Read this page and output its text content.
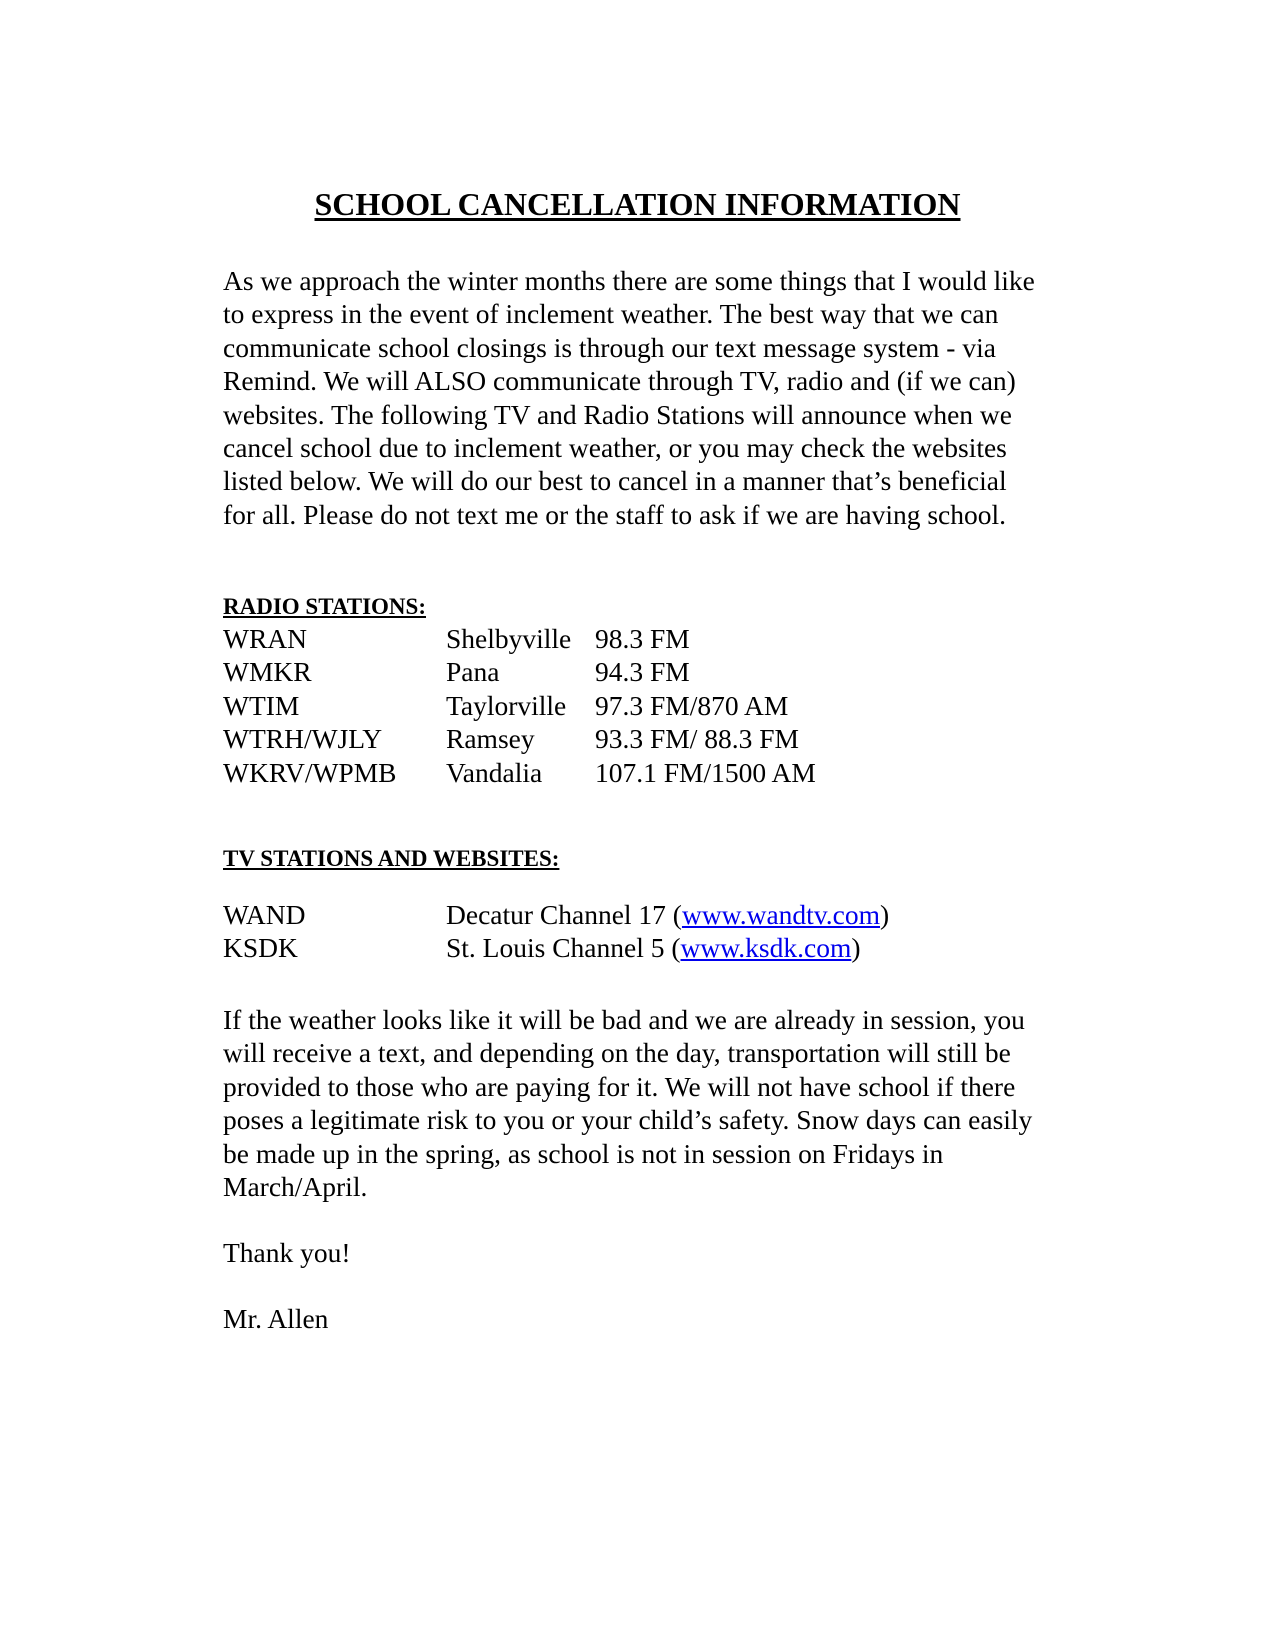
SCHOOL CANCELLATION INFORMATION

As we approach the winter months there are some things that I would like to express in the event of inclement weather. The best way that we can communicate school closings is through our text message system - via Remind. We will ALSO communicate through TV, radio and (if we can) websites. The following TV and Radio Stations will announce when we cancel school due to inclement weather, or you may check the websites listed below. We will do our best to cancel in a manner that’s beneficial for all. Please do not text me or the staff to ask if we are having school.

RADIO STATIONS:
WRAN	Shelbyville 98.3 FM
WMKR	Pana	94.3 FM
WTIM	Taylorville	97.3 FM/870 AM
WTRH/WJLY	Ramsey	93.3 FM/ 88.3 FM
WKRV/WPMB	Vandalia	107.1 FM/1500 AM
TV STATIONS AND WEBSITES:
WAND	Decatur Channel 17 (www.wandtv.com)
KSDK	St. Louis Channel 5 (www.ksdk.com)

If the weather looks like it will be bad and we are already in session, you will receive a text, and depending on the day, transportation will still be provided to those who are paying for it. We will not have school if there poses a legitimate risk to you or your child’s safety. Snow days can easily be made up in the spring, as school is not in session on Fridays in March/April.

Thank you!

Mr. Allen
